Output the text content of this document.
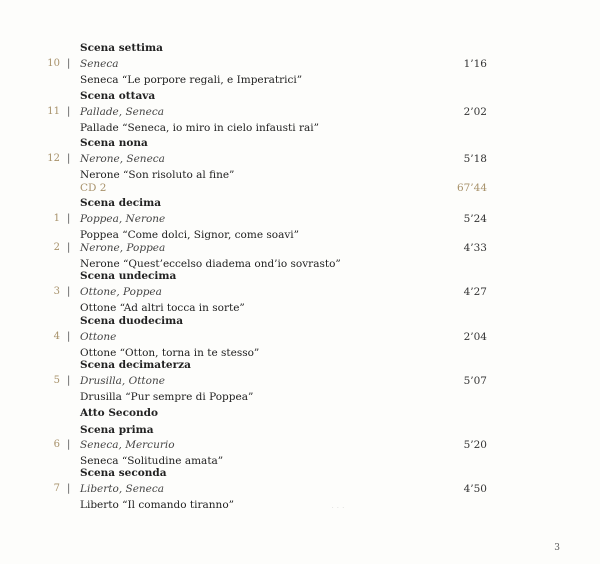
Scena settima
10 | Seneca	1’16
Seneca “Le porpore regali, e Imperatrici”
Scena ottava
11 | Pallade, Seneca	2’02
Pallade “Seneca, io miro in cielo infausti rai”
Scena nona
12 | Nerone, Seneca	5’18
Nerone “Son risoluto al fine”
CD 2	67’44
Scena decima
1 | Poppea, Nerone	5’24
Poppea “Come dolci, Signor, come soavi”
2 | Nerone, Poppea	4’33
Nerone “Quest’eccelso diadema ond’io sovrasto”
Scena undecima
3 | Ottone, Poppea	4’27
Ottone “Ad altri tocca in sorte”
Scena duodecima
4 | Ottone	2’04
Ottone “Otton, torna in te stesso”
Scena decimaterza
5 | Drusilla, Ottone	5’07
Drusilla “Pur sempre di Poppea”
Atto Secondo
Scena prima
6 | Seneca, Mercurio	5’20
Seneca “Solitudine amata”
Scena seconda
7 | Liberto, Seneca	4’50
Liberto “Il comando tiranno”	· · ·
3
